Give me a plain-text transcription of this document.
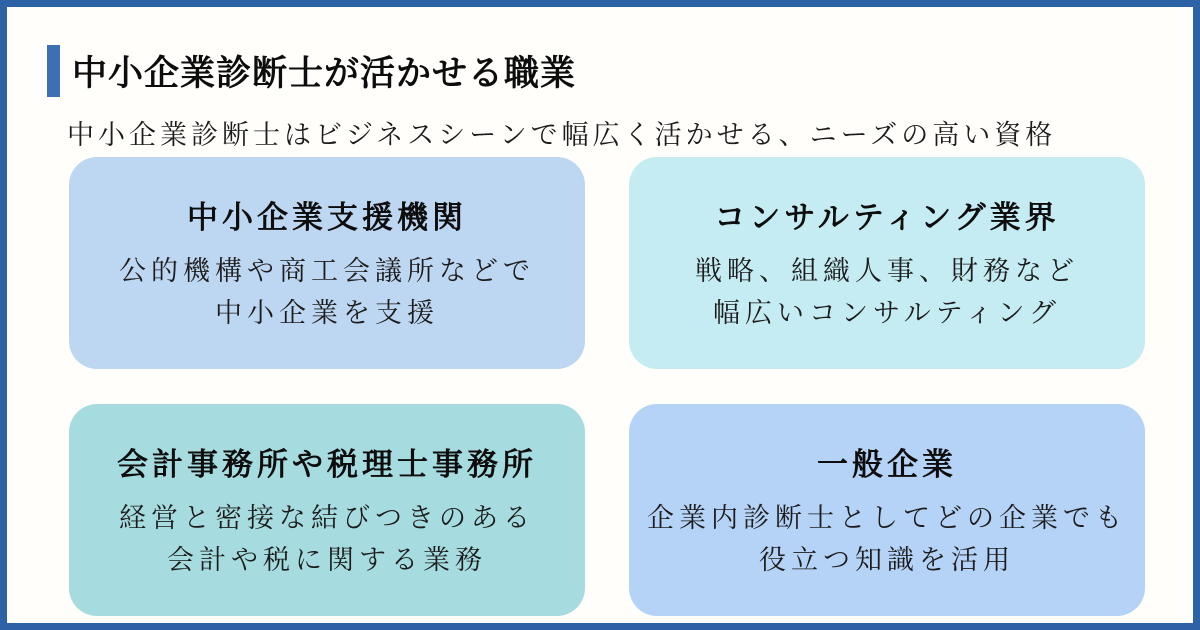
中小企業診断士が活かせる職業
中小企業診断士はビジネスシーンで幅広く活かせる、ニーズの高い資格
中小企業支援機関
公的機構や商工会議所などで
中小企業を支援
コンサルティング業界
戦略、組織人事、財務など
幅広いコンサルティング
会計事務所や税理士事務所
経営と密接な結びつきのある
会計や税に関する業務
一般企業
企業内診断士としてどの企業でも
役立つ知識を活用
